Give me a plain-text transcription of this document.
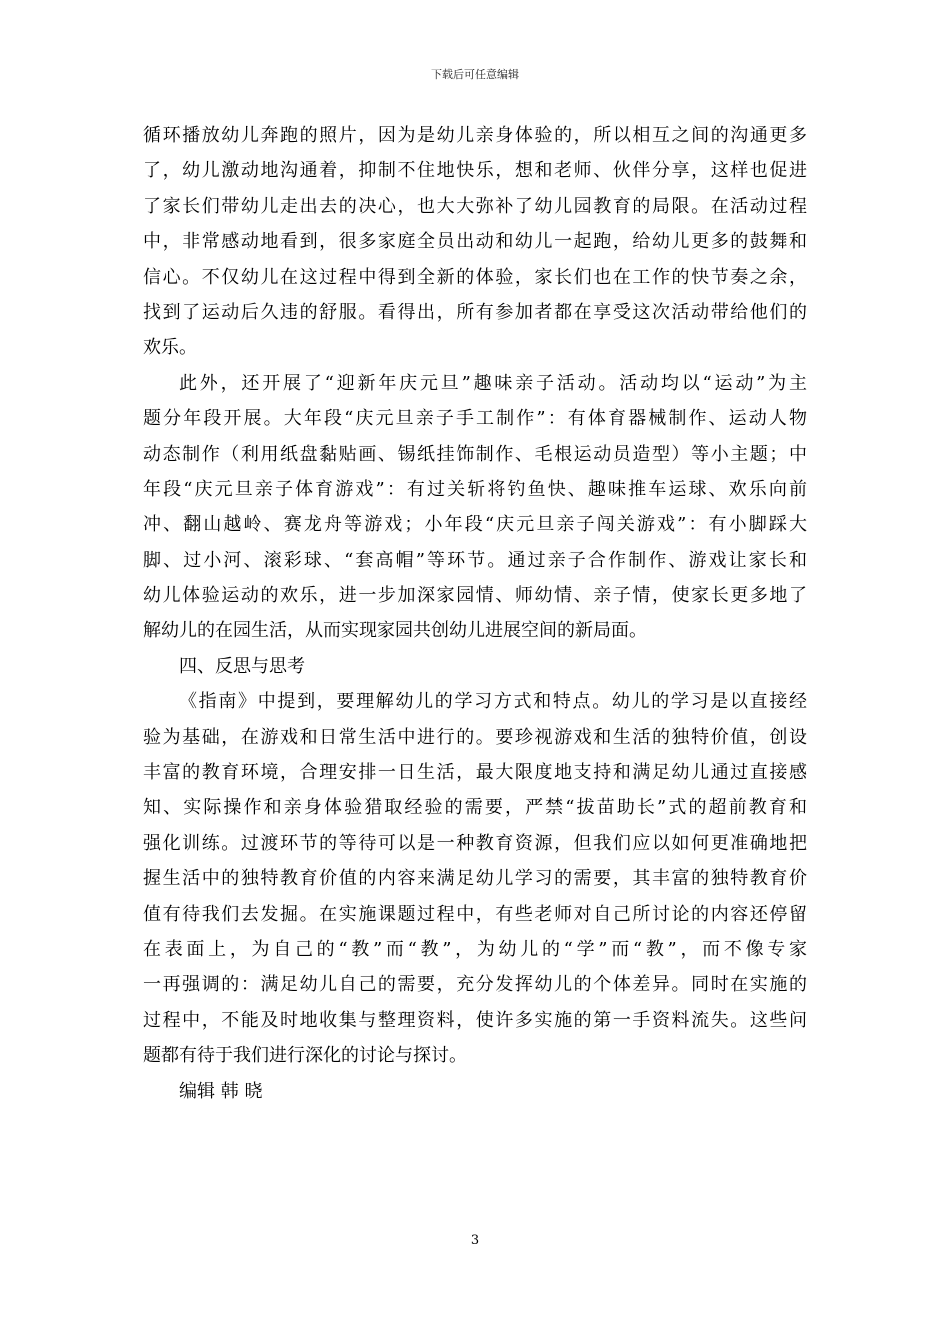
下载后可任意编辑
循环播放幼儿奔跑的照片，因为是幼儿亲身体验的，所以相互之间的沟通更多
了，幼儿激动地沟通着，抑制不住地快乐，想和老师、伙伴分享，这样也促进
了家长们带幼儿走出去的决心，也大大弥补了幼儿园教育的局限。在活动过程
中，非常感动地看到，很多家庭全员出动和幼儿一起跑，给幼儿更多的鼓舞和
信心。不仅幼儿在这过程中得到全新的体验，家长们也在工作的快节奏之余，
找到了运动后久违的舒服。看得出，所有参加者都在享受这次活动带给他们的
欢乐。
此外，还开展了“迎新年庆元旦”趣味亲子活动。活动均以“运动”为主
题分年段开展。大年段“庆元旦亲子手工制作”：有体育器械制作、运动人物
动态制作（利用纸盘黏贴画、锡纸挂饰制作、毛根运动员造型）等小主题；中
年段“庆元旦亲子体育游戏”：有过关斩将钓鱼快、趣味推车运球、欢乐向前
冲、翻山越岭、赛龙舟等游戏；小年段“庆元旦亲子闯关游戏”：有小脚踩大
脚、过小河、滚彩球、“套高帽”等环节。通过亲子合作制作、游戏让家长和
幼儿体验运动的欢乐，进一步加深家园情、师幼情、亲子情，使家长更多地了
解幼儿的在园生活，从而实现家园共创幼儿进展空间的新局面。
四、反思与思考
《指南》中提到，要理解幼儿的学习方式和特点。幼儿的学习是以直接经
验为基础，在游戏和日常生活中进行的。要珍视游戏和生活的独特价值，创设
丰富的教育环境，合理安排一日生活，最大限度地支持和满足幼儿通过直接感
知、实际操作和亲身体验猎取经验的需要，严禁“拔苗助长”式的超前教育和
强化训练。过渡环节的等待可以是一种教育资源，但我们应以如何更准确地把
握生活中的独特教育价值的内容来满足幼儿学习的需要，其丰富的独特教育价
值有待我们去发掘。在实施课题过程中，有些老师对自己所讨论的内容还停留
在表面上，为自己的“教”而“教”，为幼儿的“学”而“教”，而不像专家
一再强调的：满足幼儿自己的需要，充分发挥幼儿的个体差异。同时在实施的
过程中，不能及时地收集与整理资料，使许多实施的第一手资料流失。这些问
题都有待于我们进行深化的讨论与探讨。
编辑 韩 晓
3
